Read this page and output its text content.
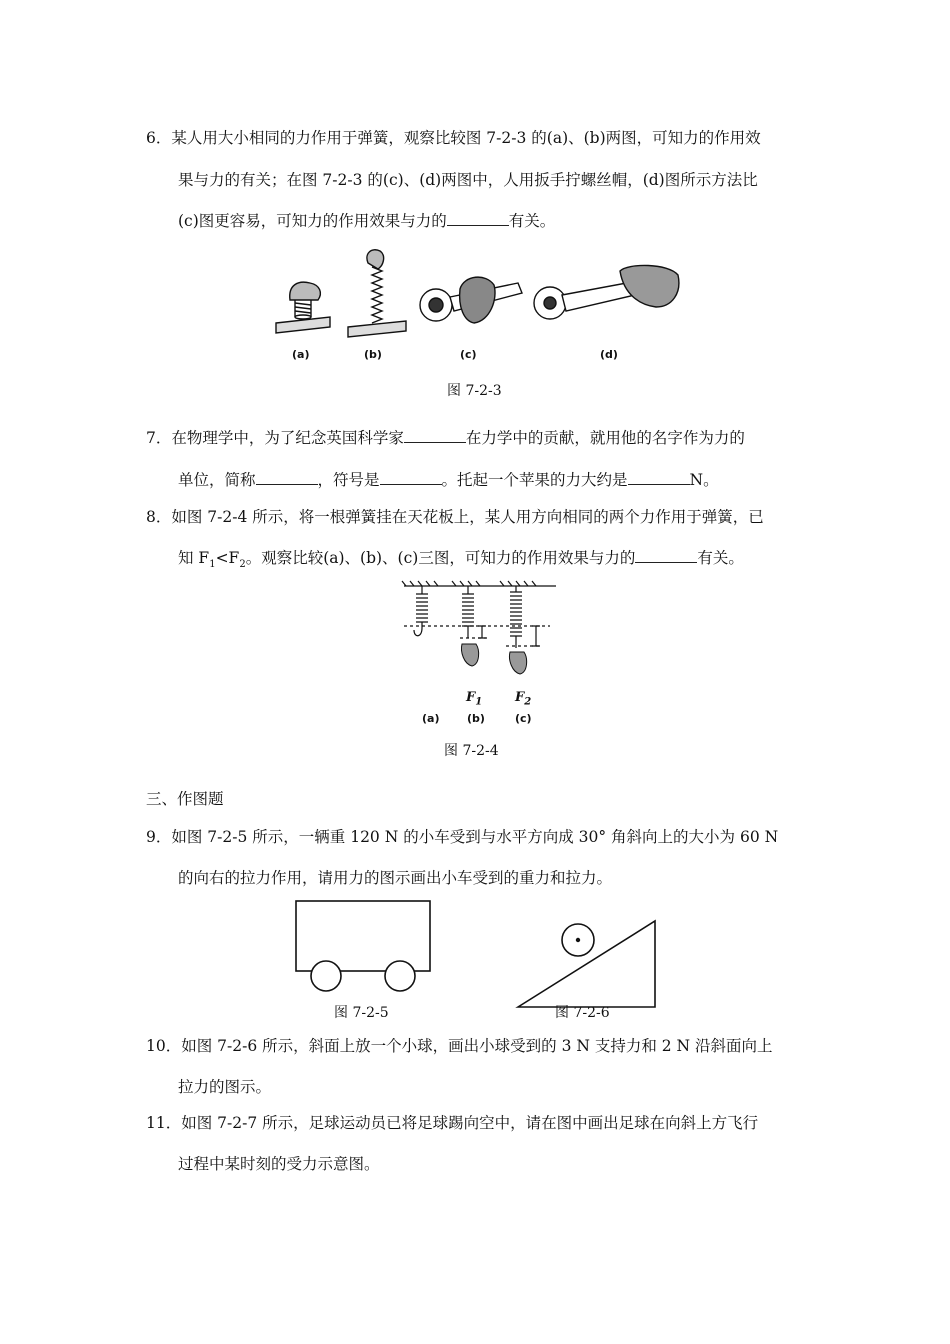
6．某人用大小相同的力作用于弹簧，观察比较图 7-2-3 的(a)、(b)两图，可知力的作用效
果与力的有关；在图 7-2-3 的(c)、(d)两图中，人用扳手拧螺丝帽，(d)图所示方法比
(c)图更容易，可知力的作用效果与力的	有关。
(a)	(b)	(c)	(d)
图 7-2-3
7．在物理学中，为了纪念英国科学家	在力学中的贡献，就用他的名字作为力的
单位，简称	，符号是	。托起一个苹果的力大约是	N。
8．如图 7-2-4 所示，将一根弹簧挂在天花板上，某人用方向相同的两个力作用于弹簧，已
知 $F_1<F_2$。观察比较(a)、(b)、(c)三图，可知力的作用效果与力的	有关。
$F_1$	$F_2$
(a)	(b)	(c)
图 7-2-4
三、作图题
9．如图 7-2-5 所示，一辆重 120 N 的小车受到与水平方向成 30° 角斜向上的大小为 60 N
的向右的拉力作用，请用力的图示画出小车受到的重力和拉力。
图 7-2-5	图 7-2-6
10．如图 7-2-6 所示，斜面上放一个小球，画出小球受到的 3 N 支持力和 2 N 沿斜面向上
拉力的图示。
11．如图 7-2-7 所示，足球运动员已将足球踢向空中，请在图中画出足球在向斜上方飞行
过程中某时刻的受力示意图。
